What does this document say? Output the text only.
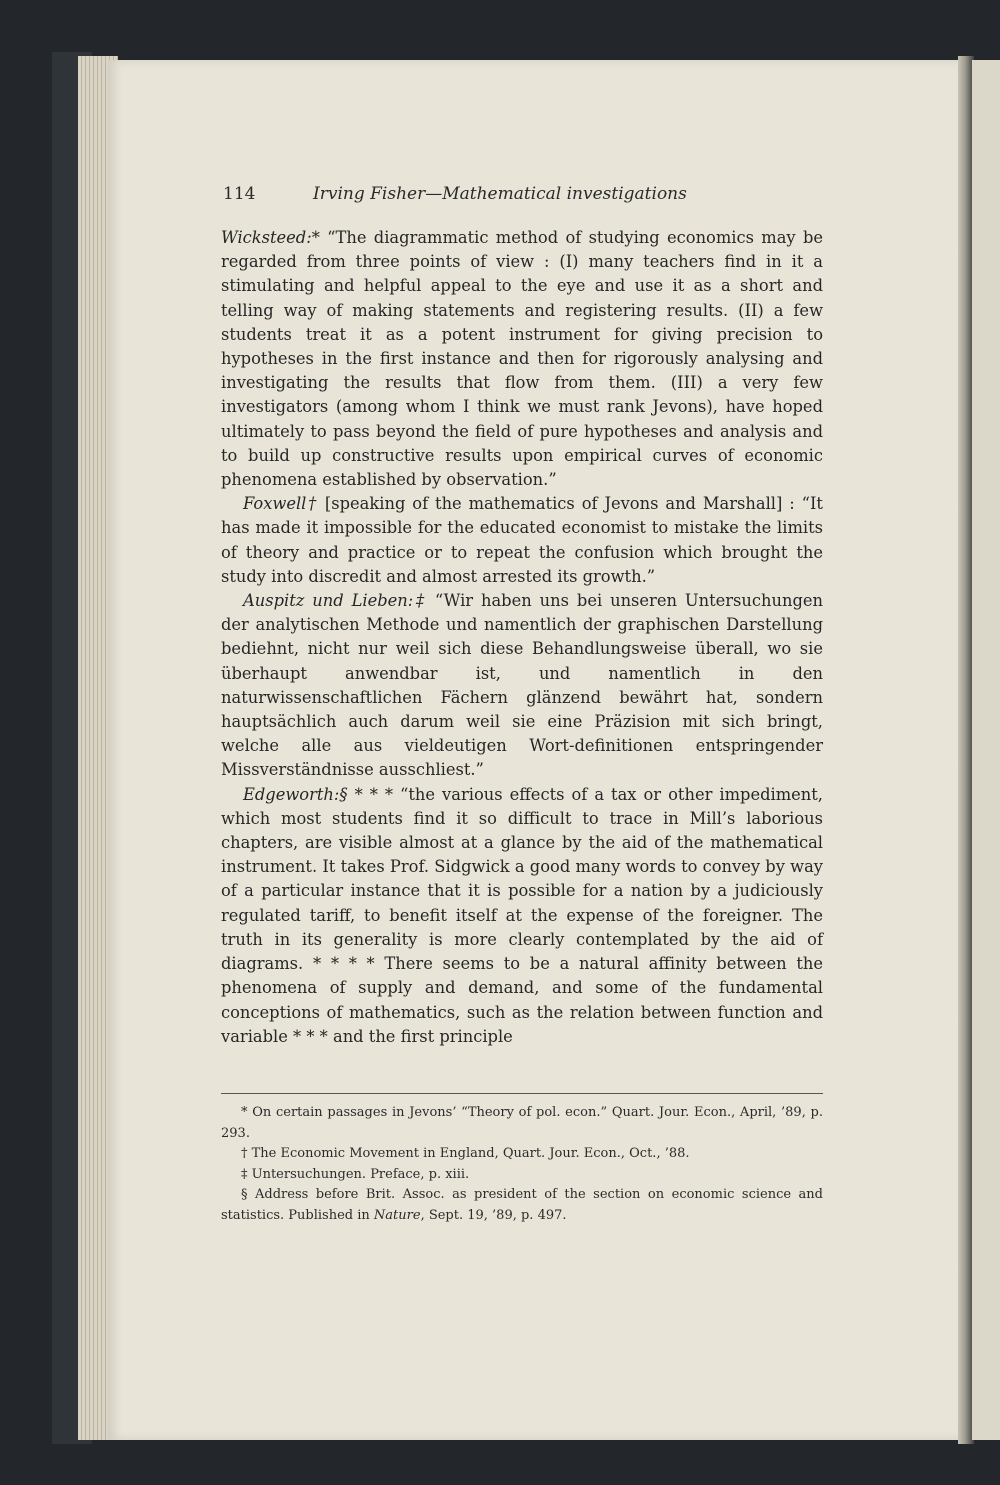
114	Irving Fisher—Mathematical investigations

Wicksteed:* “The diagrammatic method of studying economics may be regarded from three points of view : (I) many teachers find in it a stimulating and helpful appeal to the eye and use it as a short and telling way of making statements and registering results. (II) a few students treat it as a potent instrument for giving precision to hypotheses in the first instance and then for rigorously analysing and investigating the results that flow from them. (III) a very few investigators (among whom I think we must rank Jevons), have hoped ultimately to pass beyond the field of pure hypotheses and analysis and to build up constructive results upon empirical curves of economic phenomena established by observation.”

Foxwell† [speaking of the mathematics of Jevons and Marshall] : “It has made it impossible for the educated economist to mistake the limits of theory and practice or to repeat the confusion which brought the study into discredit and almost arrested its growth.”

Auspitz und Lieben:‡ “Wir haben uns bei unseren Untersuchungen der analytischen Methode und namentlich der graphischen Darstellung bediehnt, nicht nur weil sich diese Behandlungsweise überall, wo sie überhaupt anwendbar ist, und namentlich in den naturwissenschaftlichen Fächern glänzend bewährt hat, sondern hauptsächlich auch darum weil sie eine Präzision mit sich bringt, welche alle aus vieldeutigen Wort-definitionen entspringender Missverständnisse ausschliest.”

Edgeworth:§ * * * “the various effects of a tax or other impediment, which most students find it so difficult to trace in Mill’s laborious chapters, are visible almost at a glance by the aid of the mathematical instrument. It takes Prof. Sidgwick a good many words to convey by way of a particular instance that it is possible for a nation by a judiciously regulated tariff, to benefit itself at the expense of the foreigner. The truth in its generality is more clearly contemplated by the aid of diagrams. * * * * There seems to be a natural affinity between the phenomena of supply and demand, and some of the fundamental conceptions of mathematics, such as the relation between function and variable * * * and the first principle

* On certain passages in Jevons’ “Theory of pol. econ.” Quart. Jour. Econ., April, ’89, p. 293.

† The Economic Movement in England, Quart. Jour. Econ., Oct., ’88.

‡ Untersuchungen. Preface, p. xiii.

§ Address before Brit. Assoc. as president of the section on economic science and statistics. Published in Nature, Sept. 19, ’89, p. 497.
